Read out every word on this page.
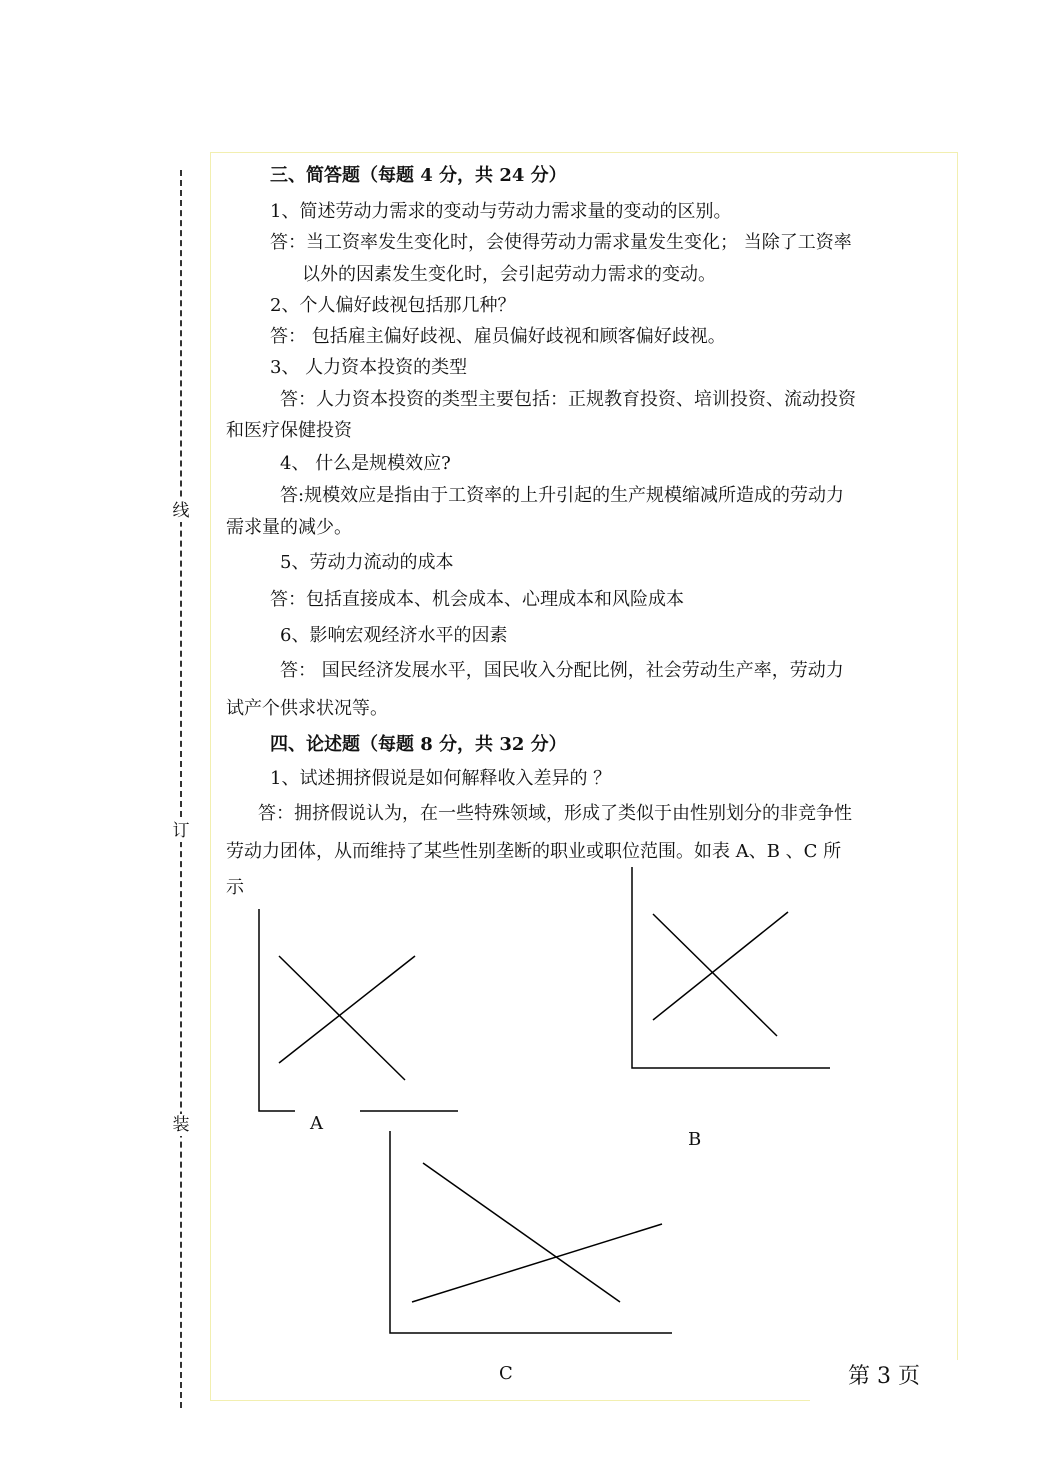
线
订
装
三、简答题（每题 4 分，共 24 分）
1、简述劳动力需求的变动与劳动力需求量的变动的区别。
答：当工资率发生变化时，会使得劳动力需求量发生变化； 当除了工资率
以外的因素发生变化时，会引起劳动力需求的变动。
2、个人偏好歧视包括那几种？
答： 包括雇主偏好歧视、雇员偏好歧视和顾客偏好歧视。
3、 人力资本投资的类型
答：人力资本投资的类型主要包括：正规教育投资、培训投资、流动投资
和医疗保健投资
4、 什么是规模效应?
答:规模效应是指由于工资率的上升引起的生产规模缩减所造成的劳动力
需求量的减少。
5、劳动力流动的成本
答：包括直接成本、机会成本、心理成本和风险成本
6、影响宏观经济水平的因素
答： 国民经济发展水平，国民收入分配比例，社会劳动生产率，劳动力
试产个供求状况等。
四、论述题（每题 8 分，共 32 分）
1、试述拥挤假说是如何解释收入差异的 ？
答：拥挤假说认为，在一些特殊领域，形成了类似于由性别划分的非竞争性
劳动力团体，从而维持了某些性别垄断的职业或职位范围。如表 A、B 、C 所
示
A
B
C	第 3 页
